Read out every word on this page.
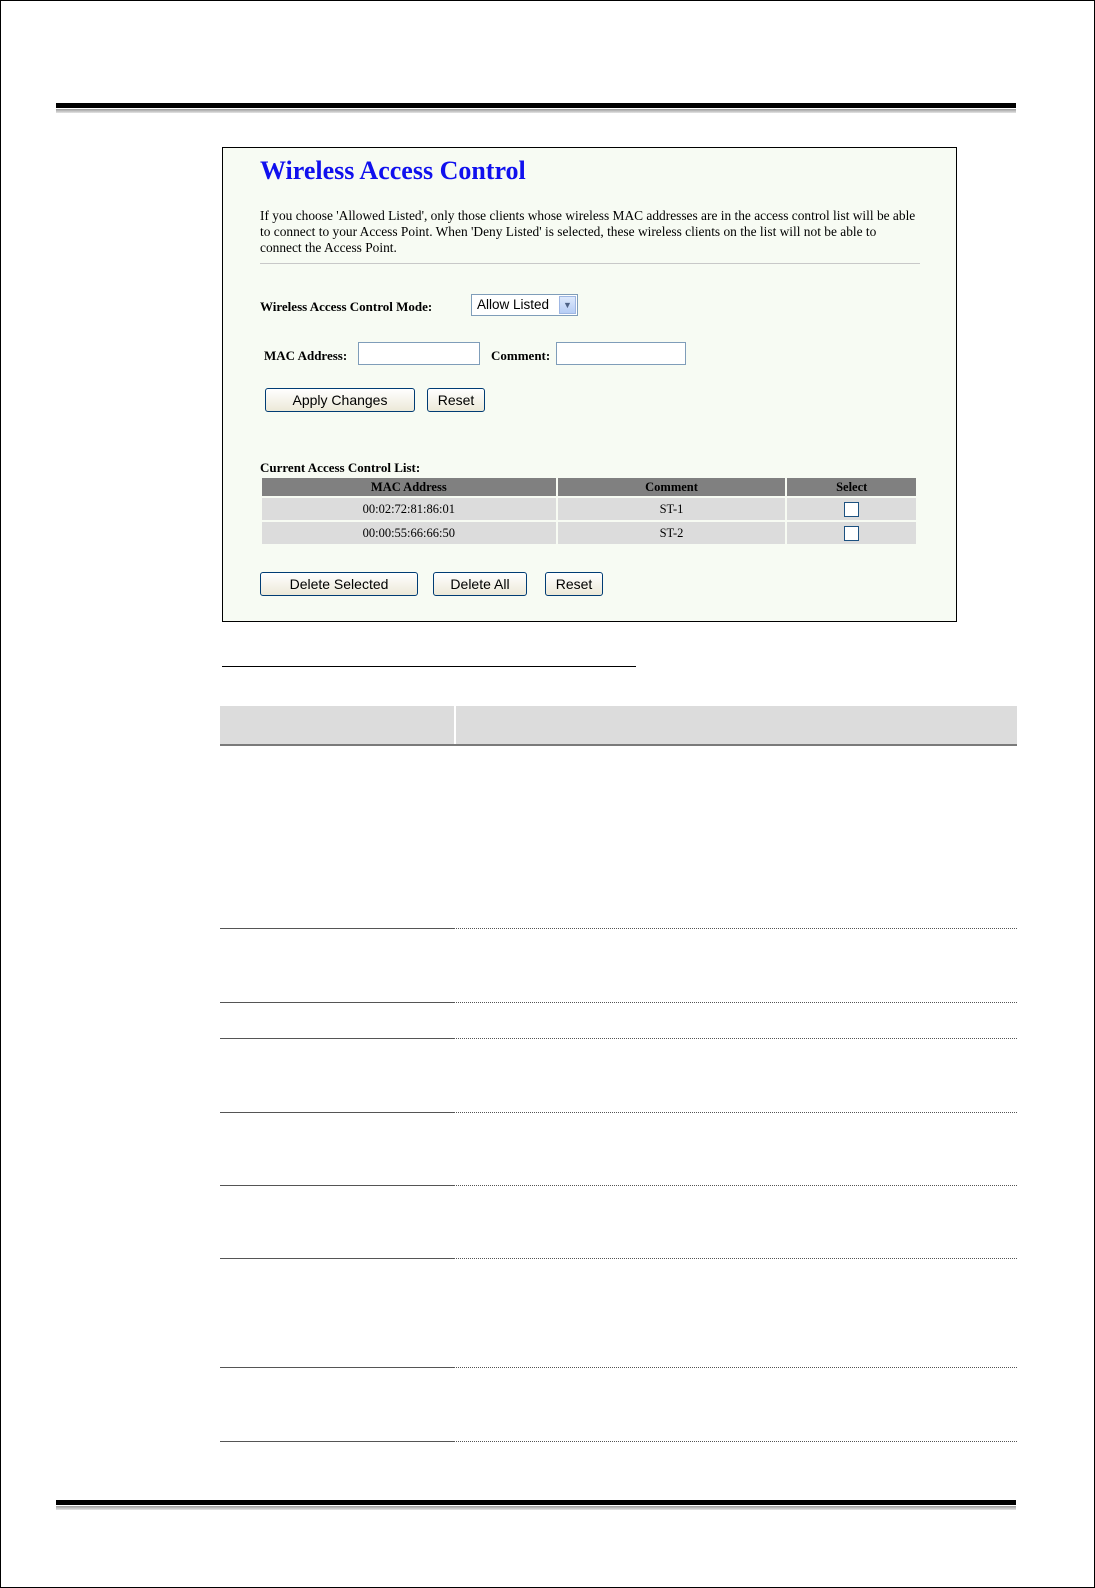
Wireless Access Control

If you choose 'Allowed Listed', only those clients whose wireless MAC addresses are in the access control list will be able to connect to your Access Point. When 'Deny Listed' is selected, these wireless clients on the list will not be able to connect the Access Point.

Wireless Access Control Mode:	Allow Listed	▼
MAC Address:	Comment:
Apply Changes	Reset
Current Access Control List:
MAC Address	Comment	Select
00:02:72:81:86:01	ST-1	
00:00:55:66:66:50	ST-2	
Delete Selected	Delete All	Reset
